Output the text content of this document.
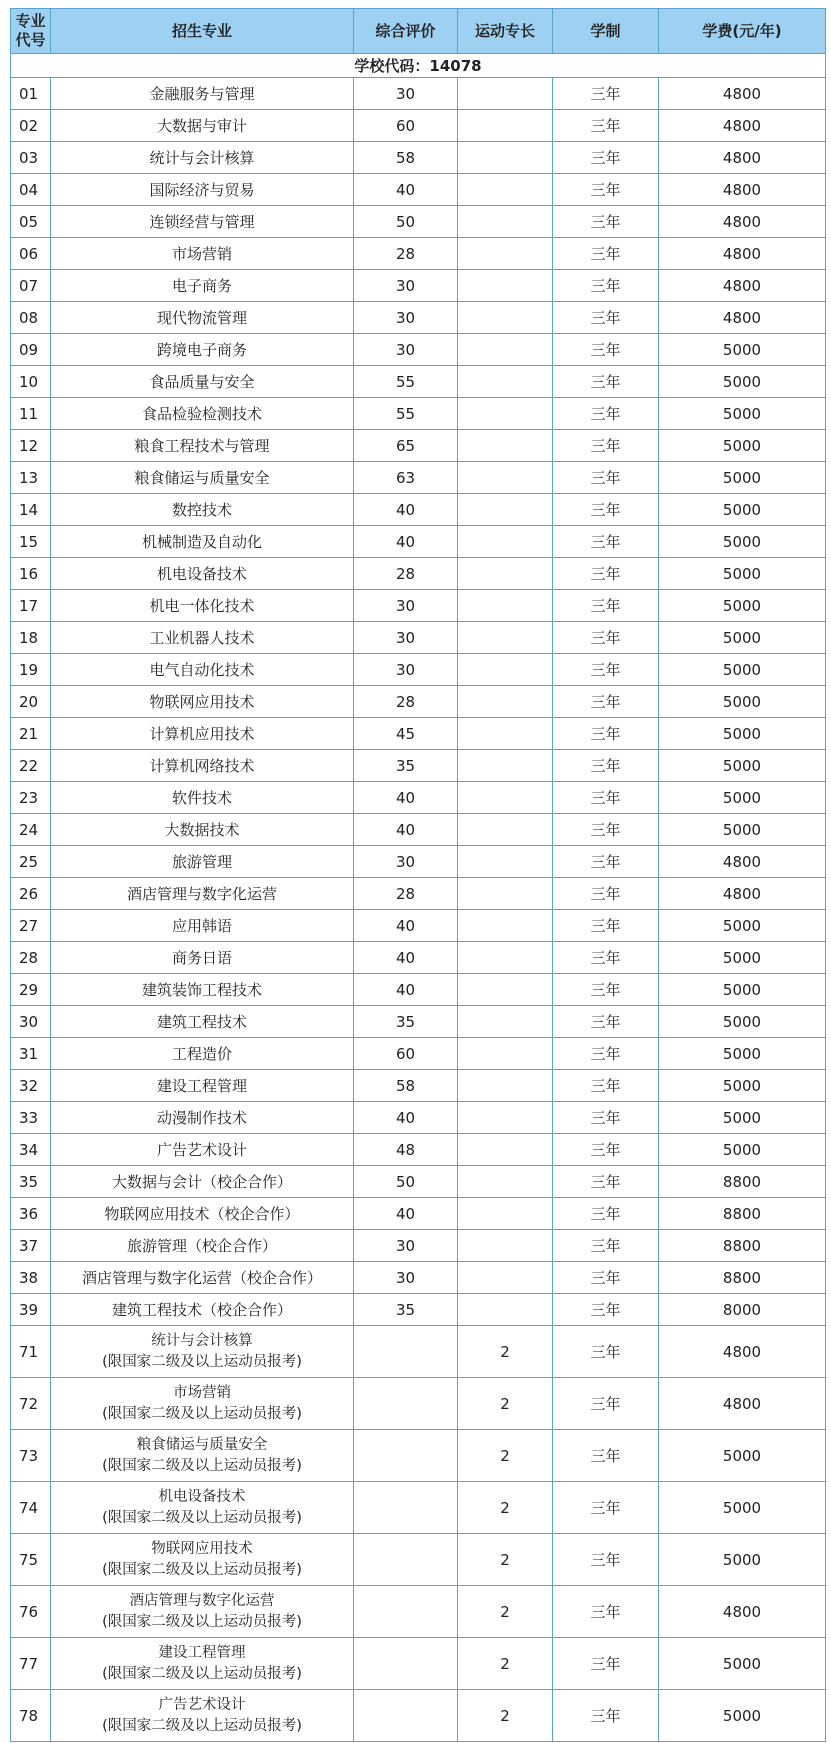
学校代码：14078					
专业
代号	招生专业	综合评价	运动专长	学制	学费(元/年)
01	金融服务与管理	30		三年	4800
02	大数据与审计	60		三年	4800
03	统计与会计核算	58		三年	4800
04	国际经济与贸易	40		三年	4800
05	连锁经营与管理	50		三年	4800
06	市场营销	28		三年	4800
07	电子商务	30		三年	4800
08	现代物流管理	30		三年	4800
09	跨境电子商务	30		三年	5000
10	食品质量与安全	55		三年	5000
11	食品检验检测技术	55		三年	5000
12	粮食工程技术与管理	65		三年	5000
13	粮食储运与质量安全	63		三年	5000
14	数控技术	40		三年	5000
15	机械制造及自动化	40		三年	5000
16	机电设备技术	28		三年	5000
17	机电一体化技术	30		三年	5000
18	工业机器人技术	30		三年	5000
19	电气自动化技术	30		三年	5000
20	物联网应用技术	28		三年	5000
21	计算机应用技术	45		三年	5000
22	计算机网络技术	35		三年	5000
23	软件技术	40		三年	5000
24	大数据技术	40		三年	5000
25	旅游管理	30		三年	4800
26	酒店管理与数字化运营	28		三年	4800
27	应用韩语	40		三年	5000
28	商务日语	40		三年	5000
29	建筑装饰工程技术	40		三年	5000
30	建筑工程技术	35		三年	5000
31	工程造价	60		三年	5000
32	建设工程管理	58		三年	5000
33	动漫制作技术	40		三年	5000
34	广告艺术设计	48		三年	5000
35	大数据与会计（校企合作）	50		三年	8800
36	物联网应用技术（校企合作）	40		三年	8800
37	旅游管理（校企合作）	30		三年	8800
38	酒店管理与数字化运营（校企合作）	30		三年	8800
39	建筑工程技术（校企合作）	35		三年	8000
71	统计与会计核算
(限国家二级及以上运动员报考)		2	三年	4800
72	市场营销
(限国家二级及以上运动员报考)		2	三年	4800
73	粮食储运与质量安全
(限国家二级及以上运动员报考)		2	三年	5000
74	机电设备技术
(限国家二级及以上运动员报考)		2	三年	5000
75	物联网应用技术
(限国家二级及以上运动员报考)		2	三年	5000
76	酒店管理与数字化运营
(限国家二级及以上运动员报考)		2	三年	4800
77	建设工程管理
(限国家二级及以上运动员报考)		2	三年	5000
78	广告艺术设计
(限国家二级及以上运动员报考)		2	三年	5000
